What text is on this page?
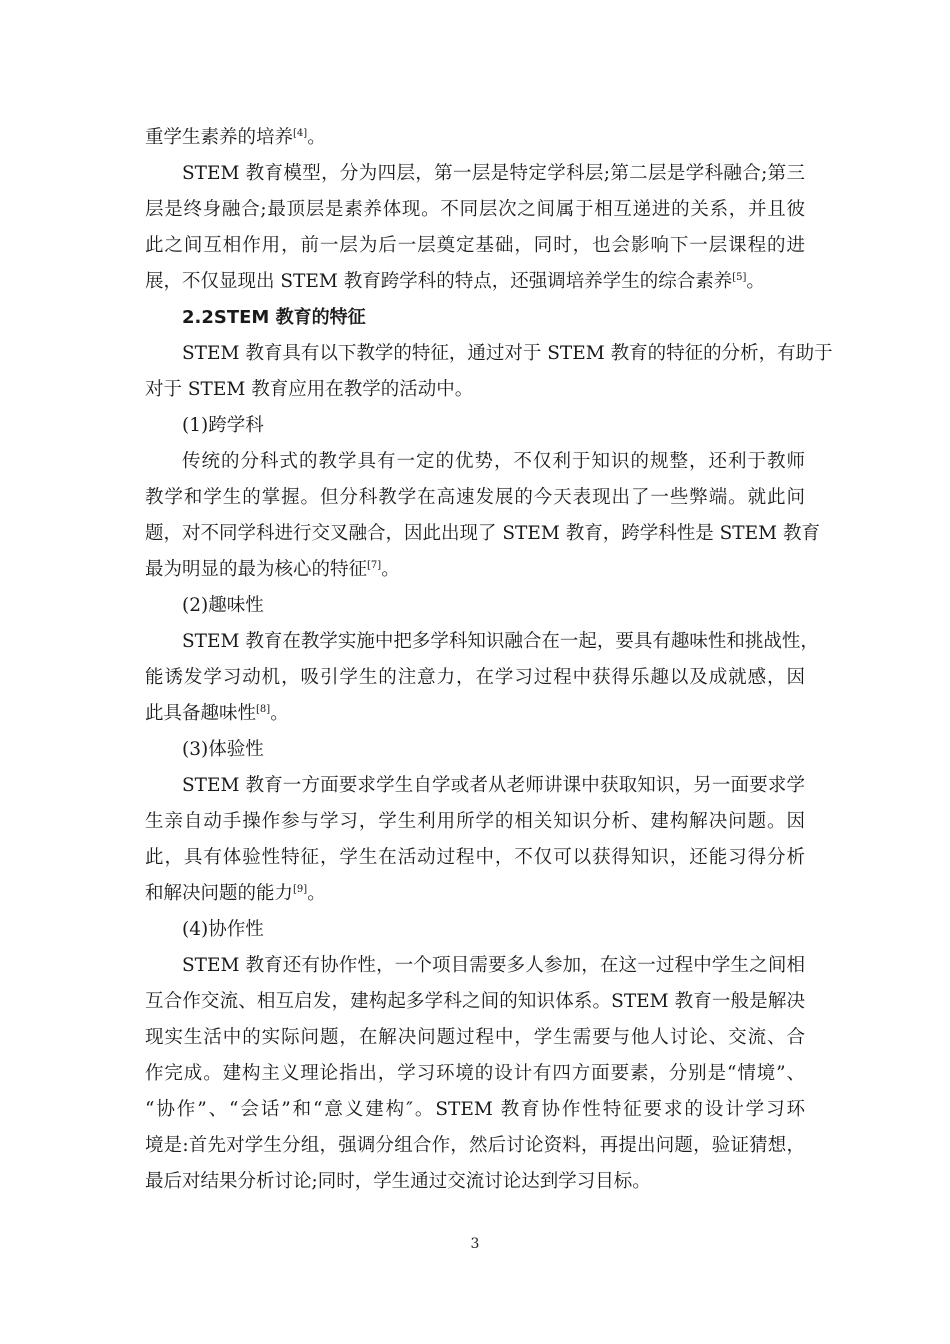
重学生素养的培养[4]。
STEM 教育模型，分为四层，第一层是特定学科层;第二层是学科融合;第三
层是终身融合;最顶层是素养体现。不同层次之间属于相互递进的关系，并且彼
此之间互相作用，前一层为后一层奠定基础，同时，也会影响下一层课程的进
展，不仅显现出 STEM 教育跨学科的特点，还强调培养学生的综合素养[5]。
2.2STEM 教育的特征
STEM 教育具有以下教学的特征，通过对于 STEM 教育的特征的分析，有助于
对于 STEM 教育应用在教学的活动中。
(1)跨学科
传统的分科式的教学具有一定的优势，不仅利于知识的规整，还利于教师
教学和学生的掌握。但分科教学在高速发展的今天表现出了一些弊端。就此问
题，对不同学科进行交叉融合，因此出现了 STEM 教育，跨学科性是 STEM 教育
最为明显的最为核心的特征[7]。
(2)趣味性
STEM 教育在教学实施中把多学科知识融合在一起，要具有趣味性和挑战性，
能诱发学习动机，吸引学生的注意力，在学习过程中获得乐趣以及成就感，因
此具备趣味性[8]。
(3)体验性
STEM 教育一方面要求学生自学或者从老师讲课中获取知识，另一面要求学
生亲自动手操作参与学习，学生利用所学的相关知识分析、建构解决问题。因
此，具有体验性特征，学生在活动过程中，不仅可以获得知识，还能习得分析
和解决问题的能力[9]。
(4)协作性
STEM 教育还有协作性，一个项目需要多人参加，在这一过程中学生之间相
互合作交流、相互启发，建构起多学科之间的知识体系。STEM 教育一般是解决
现实生活中的实际问题，在解决问题过程中，学生需要与他人讨论、交流、合
作完成。建构主义理论指出，学习环境的设计有四方面要素，分别是“情境”、
“协作”、“会话”和“意义建构″。STEM 教育协作性特征要求的设计学习环
境是:首先对学生分组，强调分组合作，然后讨论资料，再提出问题，验证猜想，
最后对结果分析讨论;同时，学生通过交流讨论达到学习目标。
3
